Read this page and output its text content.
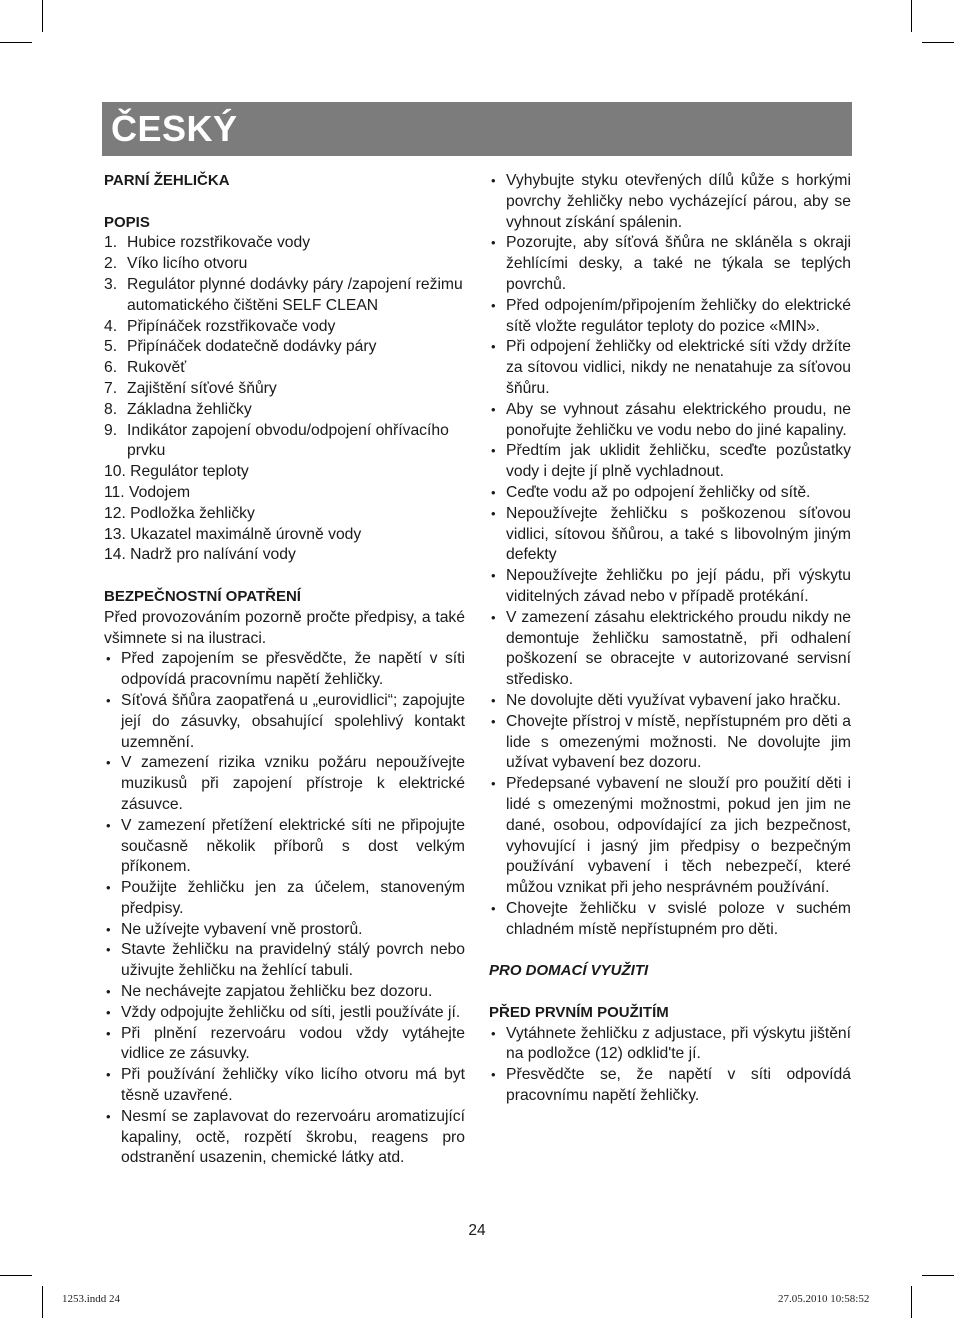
ČESKÝ

PARNÍ ŽEHLIČKA

POPIS

1. Hubice rozstřikovače vody
2. Víko licího otvoru
3. Regulátor plynné dodávky páry /zapojení režimu automatického čištěni SELF CLEAN
4. Připínáček rozstřikovače vody
5. Připínáček dodatečně dodávky páry
6. Rukověť
7. Zajištění síťové šňůry
8. Základna žehličky
9. Indikátor zapojení obvodu/odpojení ohřívacího prvku
10. Regulátor teploty
11. Vodojem
12. Podložka žehličky
13. Ukazatel maximálně úrovně vody
14. Nadrž pro nalívání vody

BEZPEČNOSTNÍ OPATŘENÍ

Před provozováním pozorně pročte předpisy, a také všimnete si na ilustraci.

• Před zapojením se přesvědčte, že napětí v síti odpovídá pracovnímu napětí žehličky.
• Síťová šňůra zaopatřená u „eurovidlici“; zapojujte její do zásuvky, obsahující spolehlivý kontakt uzemnění.
• V zamezení rizika vzniku požáru nepoužívejte muzikusů při zapojení přístroje k elektrické zásuvce.
• V zamezení přetížení elektrické síti ne připojujte současně několik příborů s dost velkým příkonem.
• Použijte žehličku jen za účelem, stanoveným předpisy.
• Ne užívejte vybavení vně prostorů.
• Stavte žehličku na pravidelný stálý povrch nebo uživujte žehličku na žehlící tabuli.
• Ne nechávejte zapjatou žehličku bez dozoru.
• Vždy odpojujte žehličku od síti, jestli používáte jí.
• Při plnění rezervoáru vodou vždy vytáhejte vidlice ze zásuvky.
• Při používání žehličky víko licího otvoru má byt těsně uzavřené.
• Nesmí se zaplavovat do rezervoáru aromatizující kapaliny, octě, rozpětí škrobu, reagens pro odstranění usazenin, chemické látky atd.
• Vyhybujte styku otevřených dílů kůže s horkými povrchy žehličky nebo vycházející párou, aby se vyhnout získání spálenin.
• Pozorujte, aby síťová šňůra ne skláněla s okraji žehlícími desky, a také ne týkala se teplých povrchů.
• Před odpojením/připojením žehličky do elektrické sítě vložte regulátor teploty do pozice «MIN».
• Při odpojení žehličky od elektrické síti vždy držíte za sítovou vidlici, nikdy ne nenatahuje za síťovou šňůru.
• Aby se vyhnout zásahu elektrického proudu, ne ponořujte žehličku ve vodu nebo do jiné kapaliny.
• Předtím jak uklidit žehličku, sceďte pozůstatky vody i dejte jí plně vychladnout.
• Ceďte vodu až po odpojení žehličky od sítě.
• Nepoužívejte žehličku s poškozenou síťovou vidlici, sítovou šňůrou, a také s libovolným jiným defekty
• Nepoužívejte žehličku po její pádu, při výskytu viditelných závad nebo v případě protékání.
• V zamezení zásahu elektrického proudu nikdy ne demontuje žehličku samostatně, při odhalení poškození se obracejte v autorizované servisní středisko.
• Ne dovolujte děti využívat vybavení jako hračku.
• Chovejte přístroj v místě, nepřístupném pro děti a lide s omezenými možnosti. Ne dovolujte jim užívat vybavení bez dozoru.
• Předepsané vybavení ne slouží pro použití děti i lidé s omezenými možnostmi, pokud jen jim ne dané, osobou, odpovídající za jich bezpečnost, vyhovující i jasný jim předpisy o bezpečným používání vybavení i těch nebezpečí, které můžou vznikat při jeho nesprávném používání.
• Chovejte žehličku v svislé poloze v suchém chladném místě nepřístupném pro děti.

PRO DOMACÍ VYUŽITI

PŘED PRVNÍM POUŽITÍM

• Vytáhnete žehličku z adjustace, při výskytu jištění na podložce (12) odklid'te jí.
• Přesvědčte se, že napětí v síti odpovídá pracovnímu napětí žehličky.
24
1253.indd 24	27.05.2010 10:58:52
